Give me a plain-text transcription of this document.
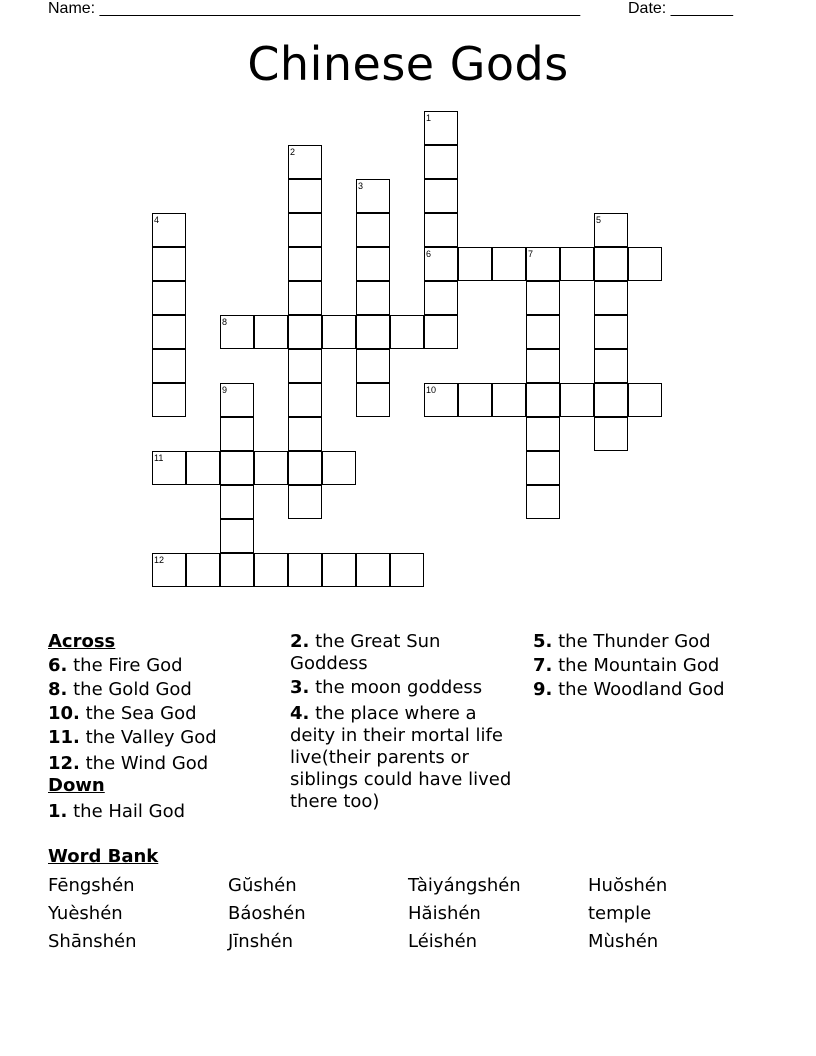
Name: ______________________________________________________	Date: _______
Chinese Gods
1
2
3
4	5
6	7
8
9	10
11
12
Across
6. the Fire God
8. the Gold God
10. the Sea God
11. the Valley God
12. the Wind God
Down
1. the Hail God
2. the Great Sun Goddess
3. the moon goddess
4. the place where a deity in their mortal life live(their parents or siblings could have lived there too)
5. the Thunder God
7. the Mountain God
9. the Woodland God
Word Bank
Fēngshén	Gŭshén	Tàiyángshén	Huŏshén
Yuèshén	Báoshén	Hăishén	temple
Shānshén	Jīnshén	Léishén	Mùshén
